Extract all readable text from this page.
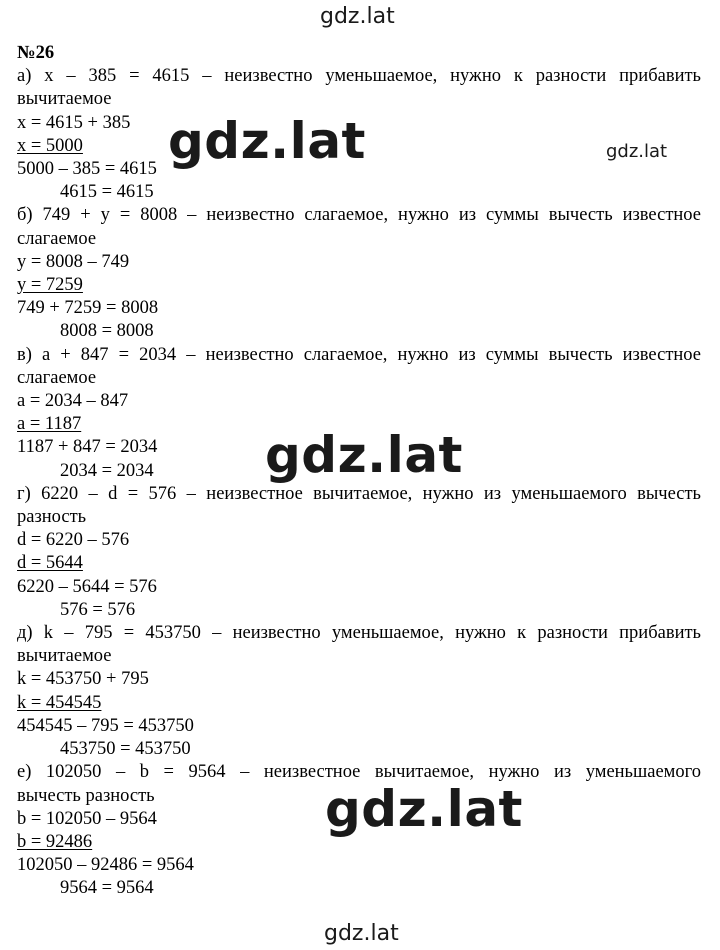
gdz.lat
gdz.lat	gdz.lat
gdz.lat
gdz.lat
gdz.lat
№26
а) x – 385 = 4615 – неизвестно уменьшаемое, нужно к разности прибавить
вычитаемое
x = 4615 + 385
x = 5000
5000 – 385 = 4615
4615 = 4615
б) 749 + y = 8008 – неизвестно слагаемое, нужно из суммы вычесть известное
слагаемое
y = 8008 – 749
y = 7259
749 + 7259 = 8008
8008 = 8008
в) a + 847 = 2034 – неизвестно слагаемое, нужно из суммы вычесть известное
слагаемое
a = 2034 – 847
a = 1187
1187 + 847 = 2034
2034 = 2034
г) 6220 – d = 576 – неизвестное вычитаемое, нужно из уменьшаемого вычесть
разность
d = 6220 – 576
d = 5644
6220 – 5644 = 576
576 = 576
д) k – 795 = 453750 – неизвестно уменьшаемое, нужно к разности прибавить
вычитаемое
k = 453750 + 795
k = 454545
454545 – 795 = 453750
453750 = 453750
е) 102050 – b = 9564 – неизвестное вычитаемое, нужно из уменьшаемого
вычесть разность
b = 102050 – 9564
b = 92486
102050 – 92486 = 9564
9564 = 9564
